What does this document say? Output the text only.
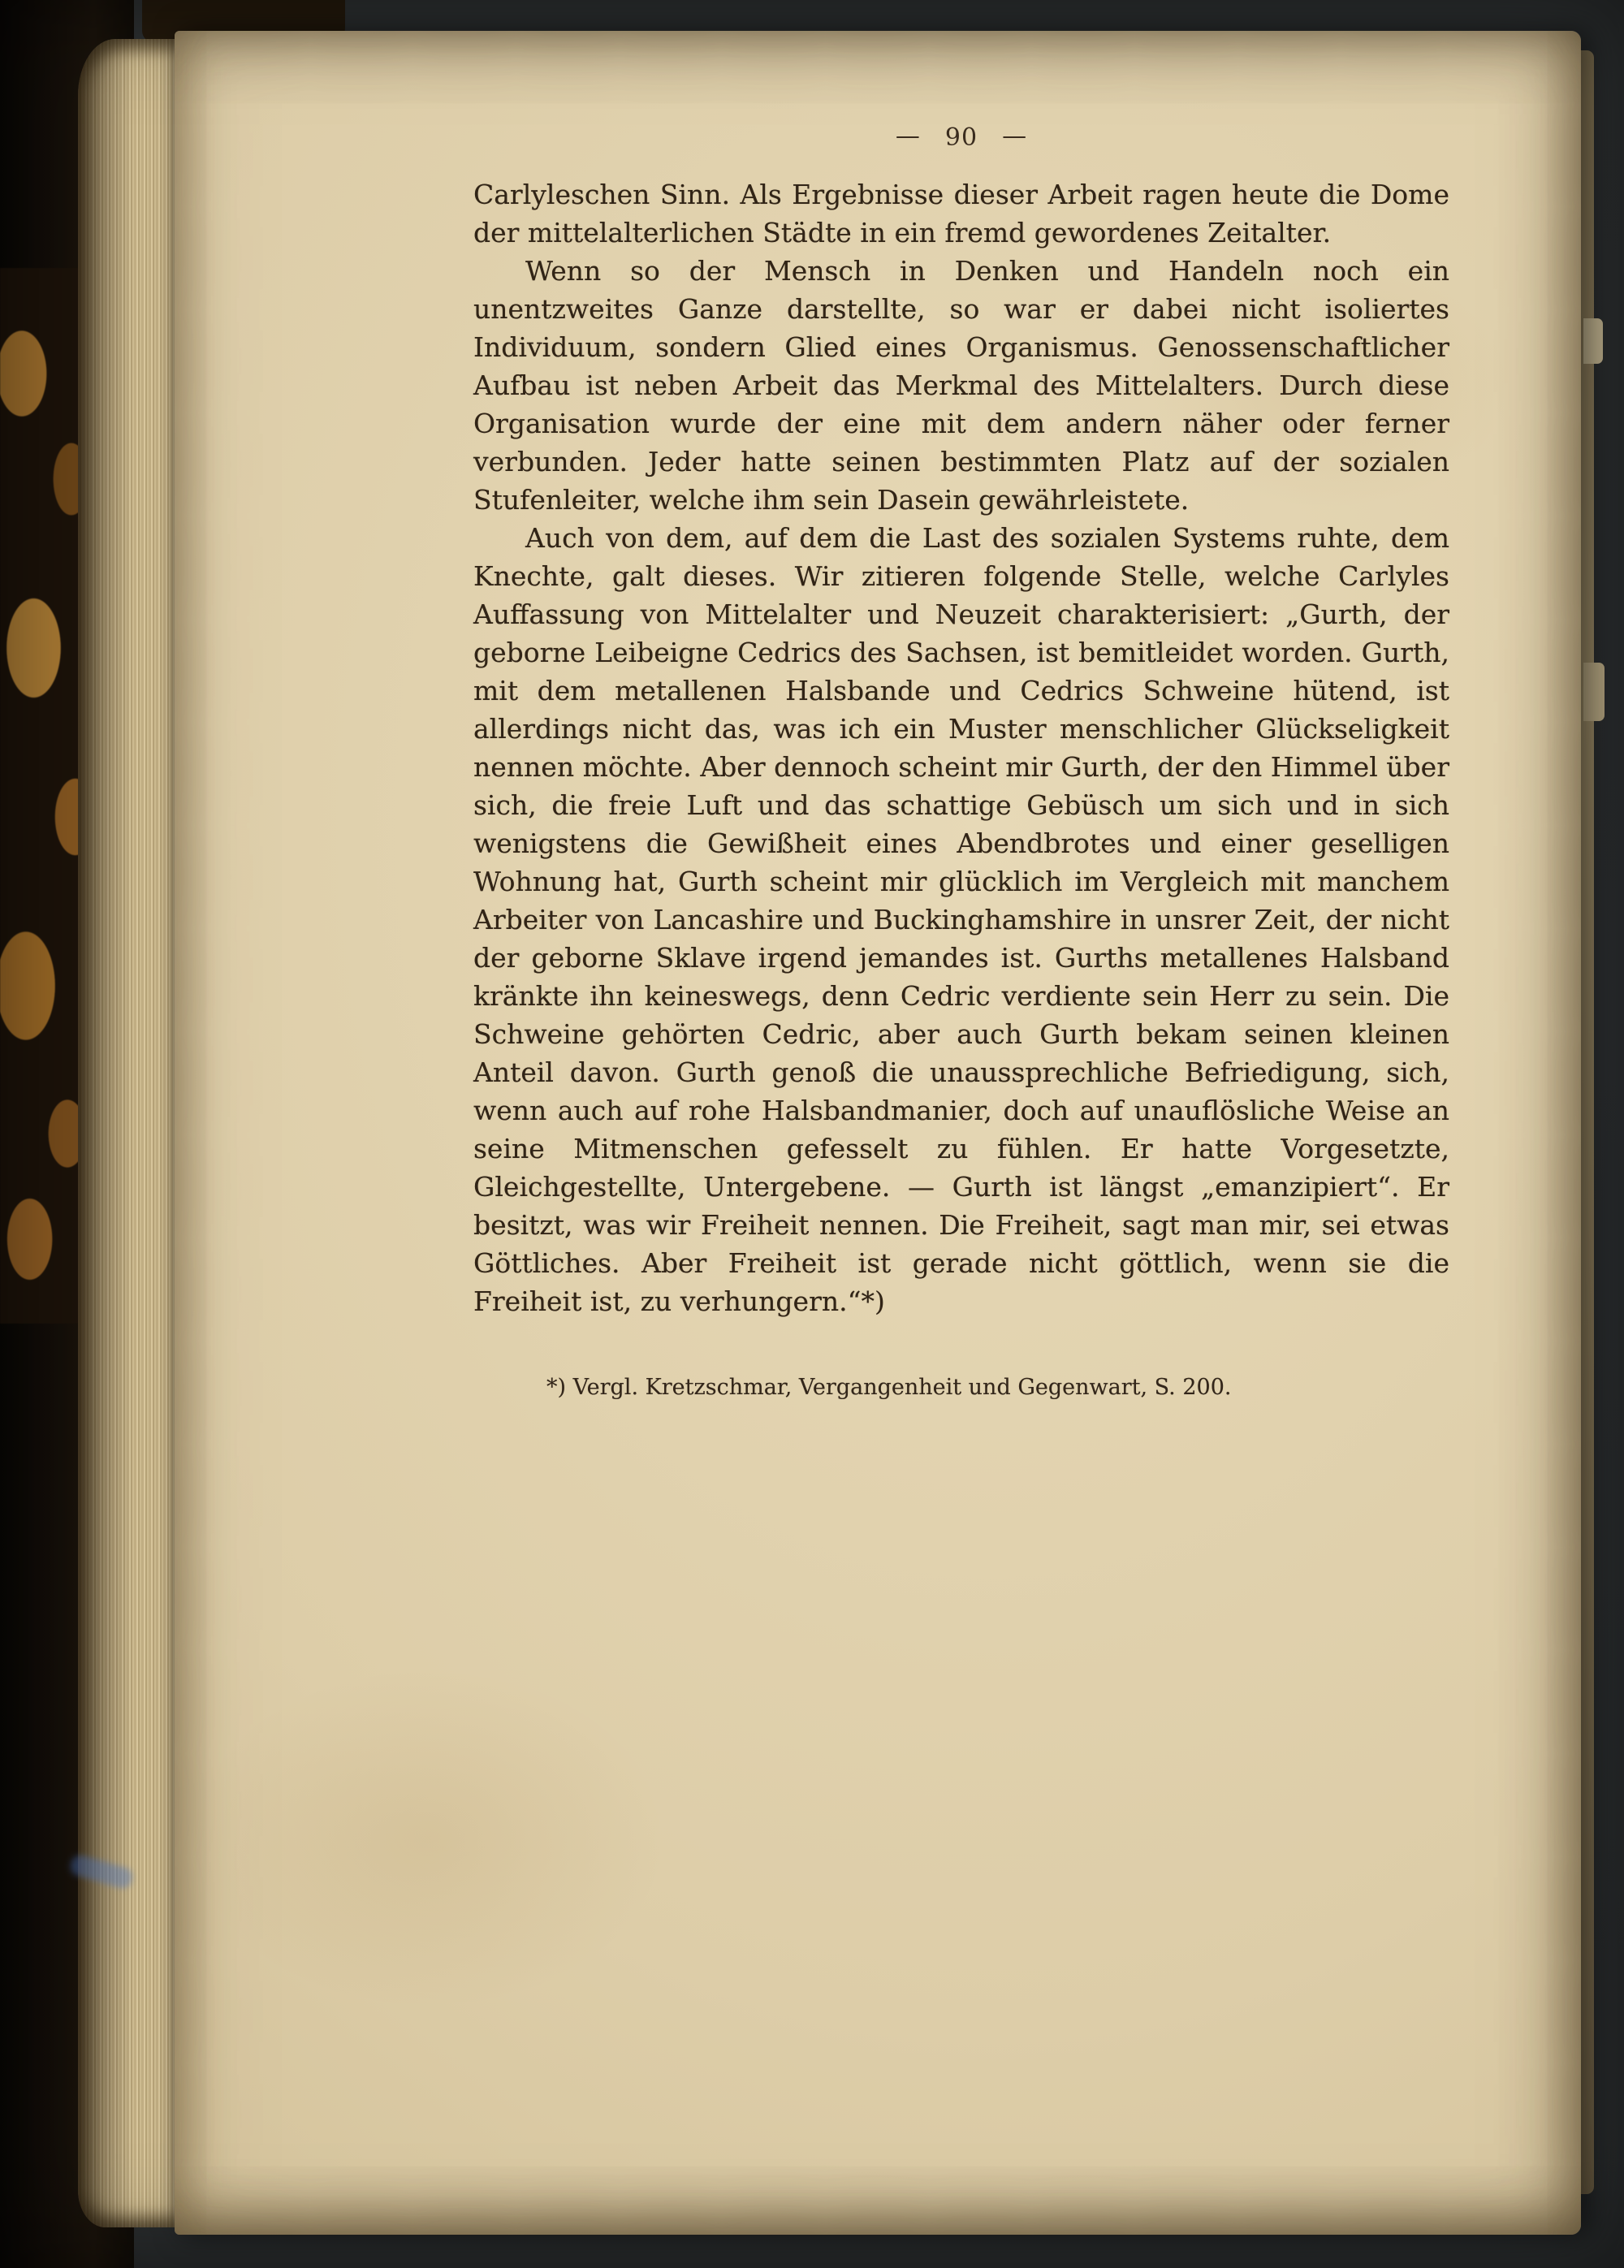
— 90 —

Carlyleschen Sinn. Als Ergebnisse dieser Arbeit ragen heute die Dome der mittelalterlichen Städte in ein fremd gewordenes Zeitalter.

Wenn so der Mensch in Denken und Handeln noch ein unentzweites Ganze darstellte, so war er dabei nicht isoliertes Individuum, sondern Glied eines Organismus. Genossenschaftlicher Aufbau ist neben Arbeit das Merkmal des Mittelalters. Durch diese Organisation wurde der eine mit dem andern näher oder ferner verbunden. Jeder hatte seinen bestimmten Platz auf der sozialen Stufenleiter, welche ihm sein Dasein gewährleistete.

Auch von dem, auf dem die Last des sozialen Systems ruhte, dem Knechte, galt dieses. Wir zitieren folgende Stelle, welche Carlyles Auffassung von Mittelalter und Neuzeit charakterisiert: „Gurth, der geborne Leibeigne Cedrics des Sachsen, ist bemitleidet worden. Gurth, mit dem metallenen Halsbande und Cedrics Schweine hütend, ist allerdings nicht das, was ich ein Muster menschlicher Glückseligkeit nennen möchte. Aber dennoch scheint mir Gurth, der den Himmel über sich, die freie Luft und das schattige Gebüsch um sich und in sich wenigstens die Gewißheit eines Abendbrotes und einer geselligen Wohnung hat, Gurth scheint mir glücklich im Vergleich mit manchem Arbeiter von Lancashire und Buckinghamshire in unsrer Zeit, der nicht der geborne Sklave irgend jemandes ist. Gurths metallenes Halsband kränkte ihn keineswegs, denn Cedric verdiente sein Herr zu sein. Die Schweine gehörten Cedric, aber auch Gurth bekam seinen kleinen Anteil davon. Gurth genoß die unaussprechliche Befriedigung, sich, wenn auch auf rohe Halsbandmanier, doch auf unauflösliche Weise an seine Mitmenschen gefesselt zu fühlen. Er hatte Vorgesetzte, Gleichgestellte, Untergebene. — Gurth ist längst „emanzipiert“. Er besitzt, was wir Freiheit nennen. Die Freiheit, sagt man mir, sei etwas Göttliches. Aber Freiheit ist gerade nicht göttlich, wenn sie die Freiheit ist, zu verhungern.“*)

*) Vergl. Kretzschmar, Vergangenheit und Gegenwart, S. 200.
